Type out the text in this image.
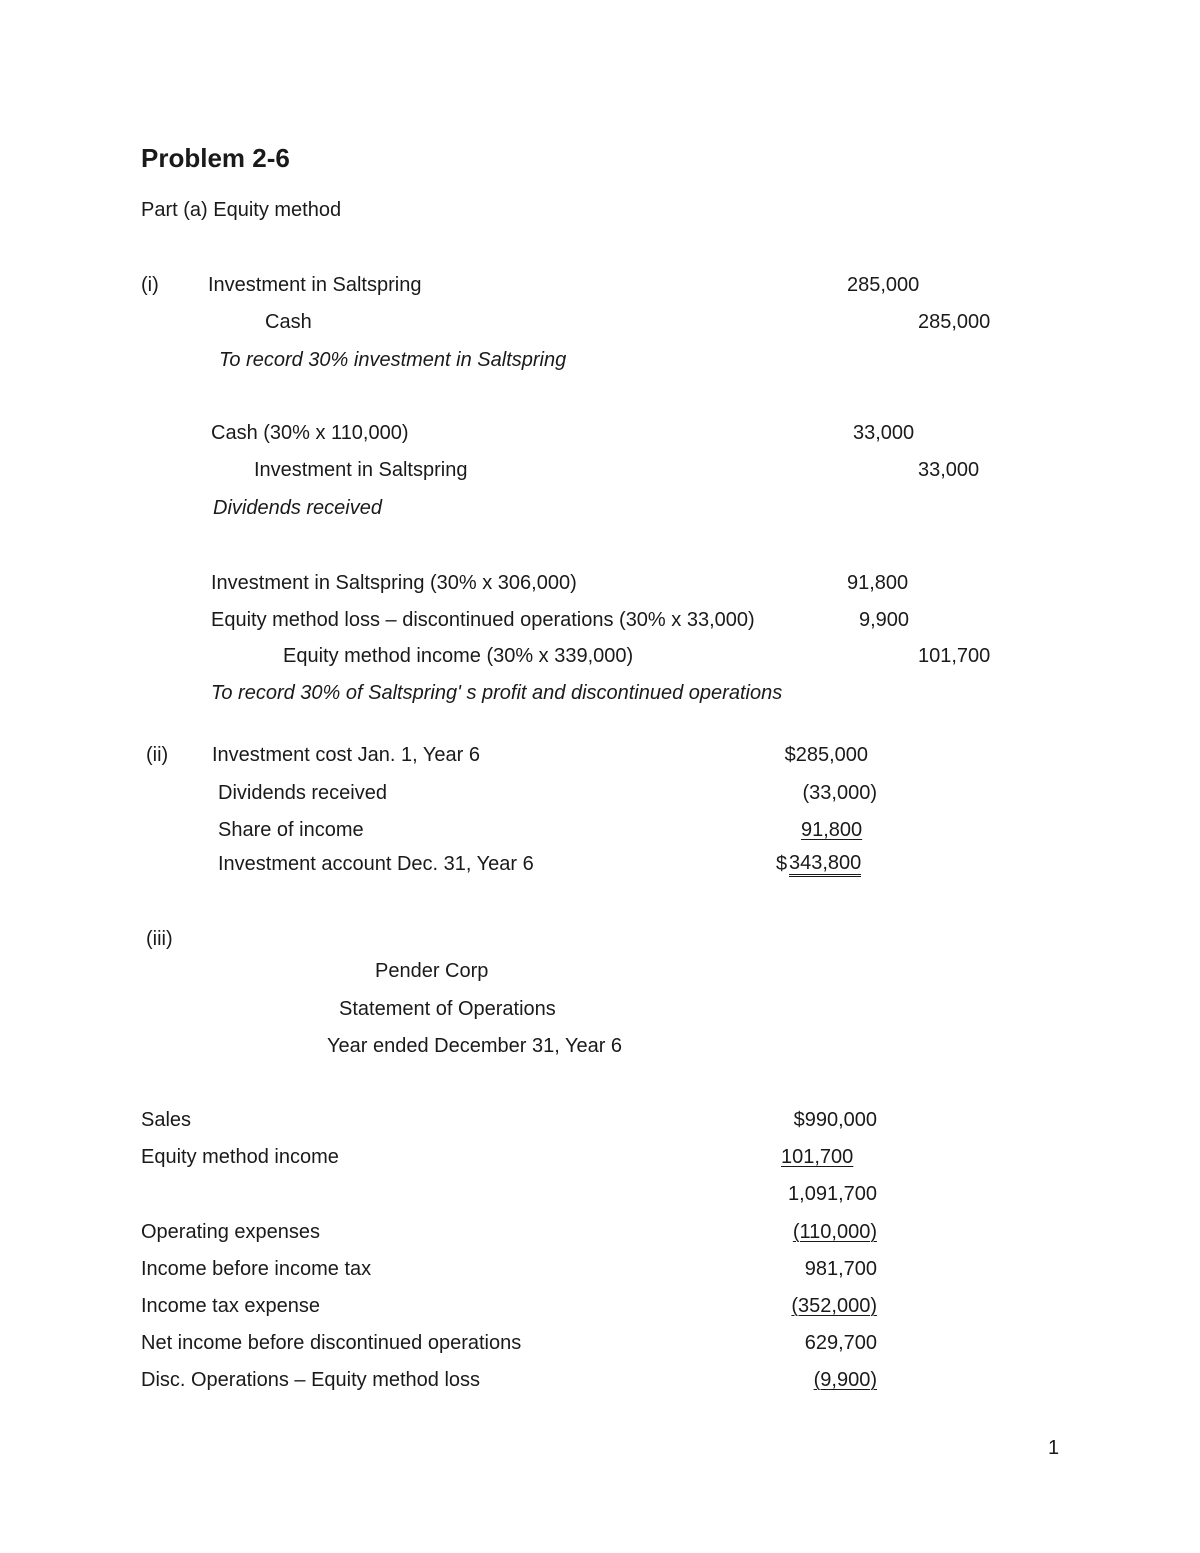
Problem 2-6
Part (a) Equity method
(i) Investment in Saltspring	285,000
Cash	285,000
To record 30% investment in Saltspring
Cash (30% x 110,000)	33,000
Investment in Saltspring	33,000
Dividends received
Investment in Saltspring (30% x 306,000)	91,800
Equity method loss – discontinued operations (30% x 33,000)	9,900
Equity method income (30% x 339,000)	101,700
To record 30% of Saltspring' s profit and discontinued operations
(ii) Investment cost Jan. 1, Year 6	$285,000
Dividends received	(33,000)
Share of income	91,800
Investment account Dec. 31, Year 6	$ 343,800
(iii)
Pender Corp
Statement of Operations
Year ended December 31, Year 6
Sales	$990,000
Equity method income	101,700
1,091,700
Operating expenses	(110,000)
Income before income tax	981,700
Income tax expense	(352,000)
Net income before discontinued operations	629,700
Disc. Operations – Equity method loss	(9,900)
1
